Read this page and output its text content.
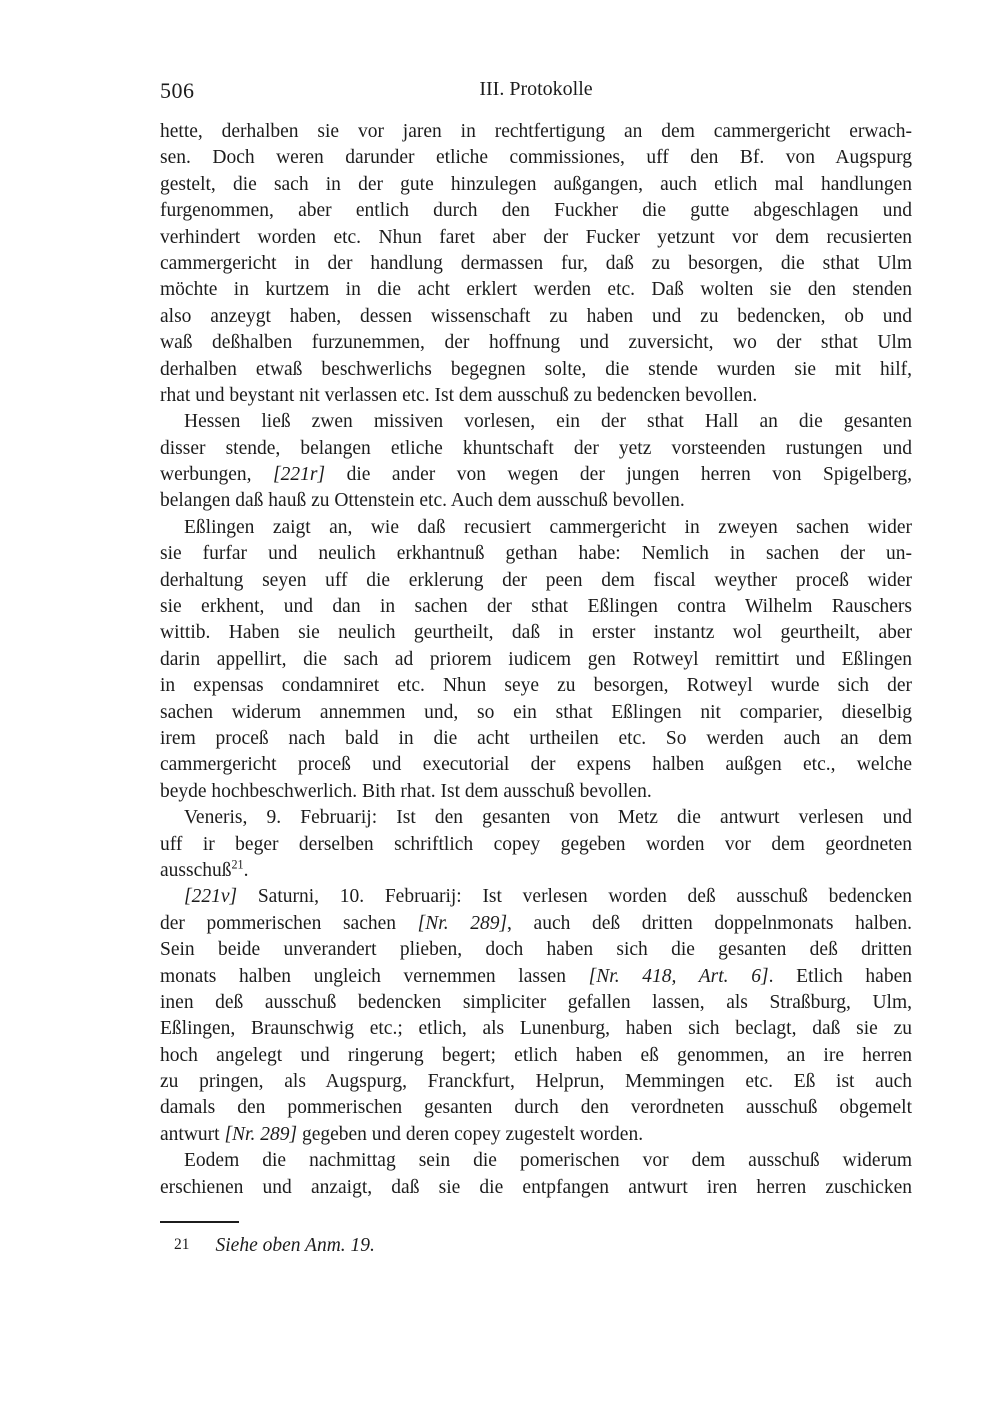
506	III. Protokolle
hette, derhalben sie vor jaren in rechtfertigung an dem cammergericht erwach-
sen. Doch weren darunder etliche commissiones, uff den Bf. von Augspurg
gestelt, die sach in der gute hinzulegen außgangen, auch etlich mal handlungen
furgenommen, aber entlich durch den Fuckher die gutte abgeschlagen und
verhindert worden etc. Nhun faret aber der Fucker yetzunt vor dem recusierten
cammergericht in der handlung dermassen fur, daß zu besorgen, die sthat Ulm
möchte in kurtzem in die acht erklert werden etc. Daß wolten sie den stenden
also anzeygt haben, dessen wissenschaft zu haben und zu bedencken, ob und
waß deßhalben furzunemmen, der hoffnung und zuversicht, wo der sthat Ulm
derhalben etwaß beschwerlichs begegnen solte, die stende wurden sie mit hilf,
rhat und beystant nit verlassen etc. Ist dem ausschuß zu bedencken bevollen.
Hessen ließ zwen missiven vorlesen, ein der sthat Hall an die gesanten
disser stende, belangen etliche khuntschaft der yetz vorsteenden rustungen und
werbungen, [221r] die ander von wegen der jungen herren von Spigelberg,
belangen daß hauß zu Ottenstein etc. Auch dem ausschuß bevollen.
Eßlingen zaigt an, wie daß recusiert cammergericht in zweyen sachen wider
sie furfar und neulich erkhantnuß gethan habe: Nemlich in sachen der un-
derhaltung seyen uff die erklerung der peen dem fiscal weyther proceß wider
sie erkhent, und dan in sachen der sthat Eßlingen contra Wilhelm Rauschers
wittib. Haben sie neulich geurtheilt, daß in erster instantz wol geurtheilt, aber
darin appellirt, die sach ad priorem iudicem gen Rotweyl remittirt und Eßlingen
in expensas condamniret etc. Nhun seye zu besorgen, Rotweyl wurde sich der
sachen widerum annemmen und, so ein sthat Eßlingen nit comparier, dieselbig
irem proceß nach bald in die acht urtheilen etc. So werden auch an dem
cammergericht proceß und executorial der expens halben außgen etc., welche
beyde hochbeschwerlich. Bith rhat. Ist dem ausschuß bevollen.
Veneris, 9. Februarij: Ist den gesanten von Metz die antwurt verlesen und
uff ir beger derselben schriftlich copey gegeben worden vor dem geordneten
ausschuß$^{21}$.
[221v] Saturni, 10. Februarij: Ist verlesen worden deß ausschuß bedencken
der pommerischen sachen [Nr. 289], auch deß dritten doppelnmonats halben.
Sein beide unverandert plieben, doch haben sich die gesanten deß dritten
monats halben ungleich vernemmen lassen [Nr. 418, Art. 6]. Etlich haben
inen deß ausschuß bedencken simpliciter gefallen lassen, als Straßburg, Ulm,
Eßlingen, Braunschwig etc.; etlich, als Lunenburg, haben sich beclagt, daß sie zu
hoch angelegt und ringerung begert; etlich haben eß genommen, an ire herren
zu pringen, als Augspurg, Franckfurt, Helprun, Memmingen etc. Eß ist auch
damals den pommerischen gesanten durch den verordneten ausschuß obgemelt
antwurt [Nr. 289] gegeben und deren copey zugestelt worden.
Eodem die nachmittag sein die pomerischen vor dem ausschuß widerum
erschienen und anzaigt, daß sie die entpfangen antwurt iren herren zuschicken
21 Siehe oben Anm. 19.
